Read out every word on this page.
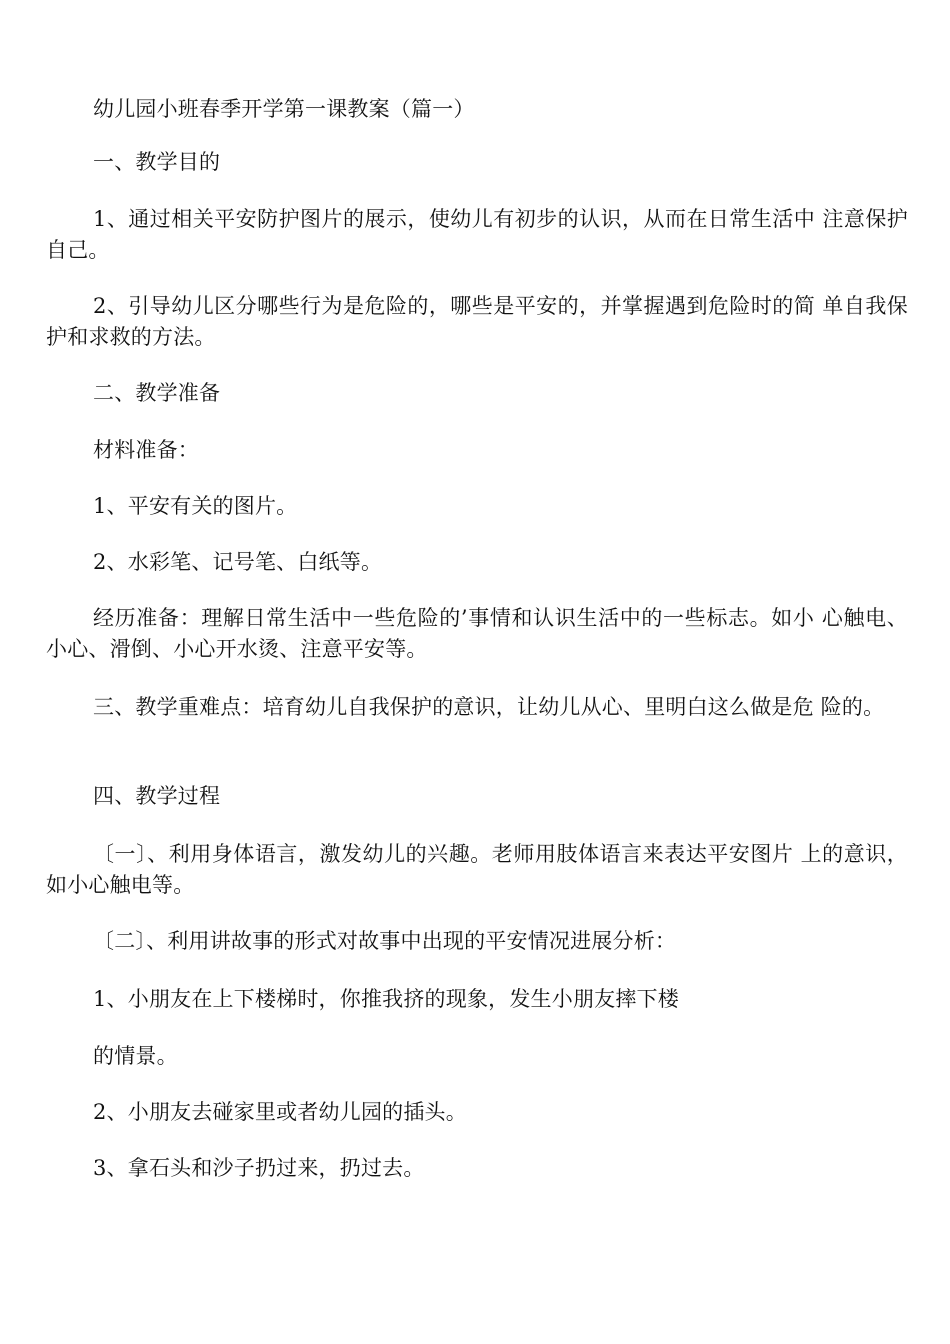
幼儿园小班春季开学第一课教案（篇一）
一、教学目的
1、通过相关平安防护图片的展示，使幼儿有初步的认识，从而在日常生活中 注意保护自己。
2、引导幼儿区分哪些行为是危险的，哪些是平安的，并掌握遇到危险时的简 单自我保护和求救的方法。
二、教学准备
材料准备：
1、平安有关的图片。
2、水彩笔、记号笔、白纸等。
经历准备：理解日常生活中一些危险的’事情和认识生活中的一些标志。如小 心触电、小心、滑倒、小心开水烫、注意平安等。
三、教学重难点：培育幼儿自我保护的意识，让幼儿从心、里明白这么做是危 险的。
四、教学过程
〔一〕、利用身体语言，激发幼儿的兴趣。老师用肢体语言来表达平安图片 上的意识，如小心触电等。
〔二〕、利用讲故事的形式对故事中出现的平安情况进展分析：
1、小朋友在上下楼梯时，你推我挤的现象，发生小朋友摔下楼
的情景。
2、小朋友去碰家里或者幼儿园的插头。
3、拿石头和沙子扔过来，扔过去。
